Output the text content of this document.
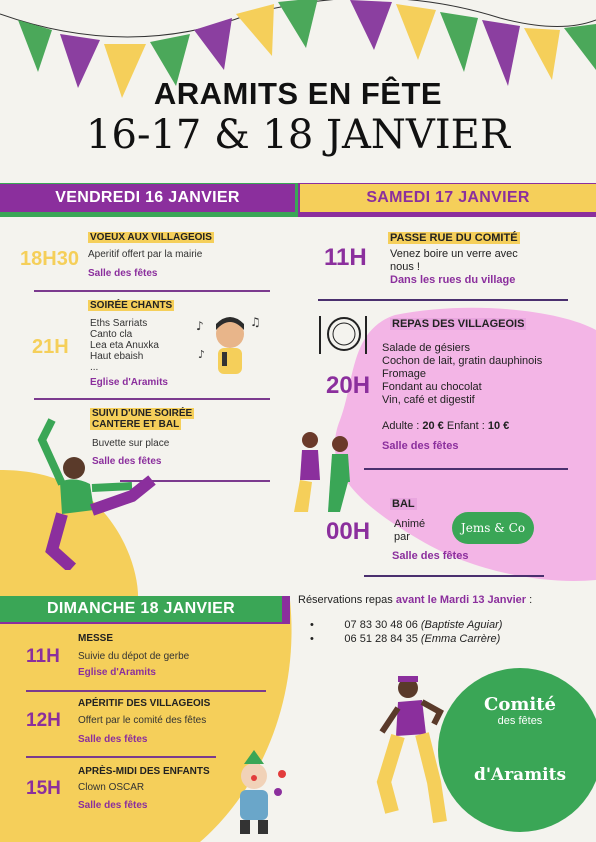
ARAMITS EN FÊTE
16-17 & 18 JANVIER
VENDREDI 16 JANVIER	SAMEDI 17 JANVIER
18H30
VOEUX AUX VILLAGEOIS
Aperitif offert par la mairie
Salle des fêtes
21H
SOIRÉE CHANTS
Eths Sarriats
Canto cla
Lea eta Anuxka
Haut ebaish
...
Eglise d'Aramits
♪	♫
♪
SUIVI D'UNE SOIRÉE
CANTERE ET BAL
Buvette sur place
Salle des fêtes
11H
PASSE RUE DU COMITÉ
Venez boire un verre avec
nous !
Dans les rues du village
20H
REPAS DES VILLAGEOIS
Salade de gésiers
Cochon de lait, gratin dauphinois
Fromage
Fondant au chocolat
Vin, café et digestif
Adulte : 20 € Enfant : 10 €
Salle des fêtes
00H
BAL
Animé
par
Jems & Co
Salle des fêtes
DIMANCHE 18 JANVIER
11H
MESSE
Suivie du dépot de gerbe
Eglise d'Aramits
12H
APÉRITIF DES VILLAGEOIS
Offert par le comité des fêtes
Salle des fêtes
15H
APRÈS-MIDI DES ENFANTS
Clown OSCAR
Salle des fêtes
Réservations repas avant le Mardi 13 Janvier :
•          07 83 30 48 06 (Baptiste Aguiar)
•          06 51 28 84 35 (Emma Carrère)
Comité
des fêtes
d'Aramits
